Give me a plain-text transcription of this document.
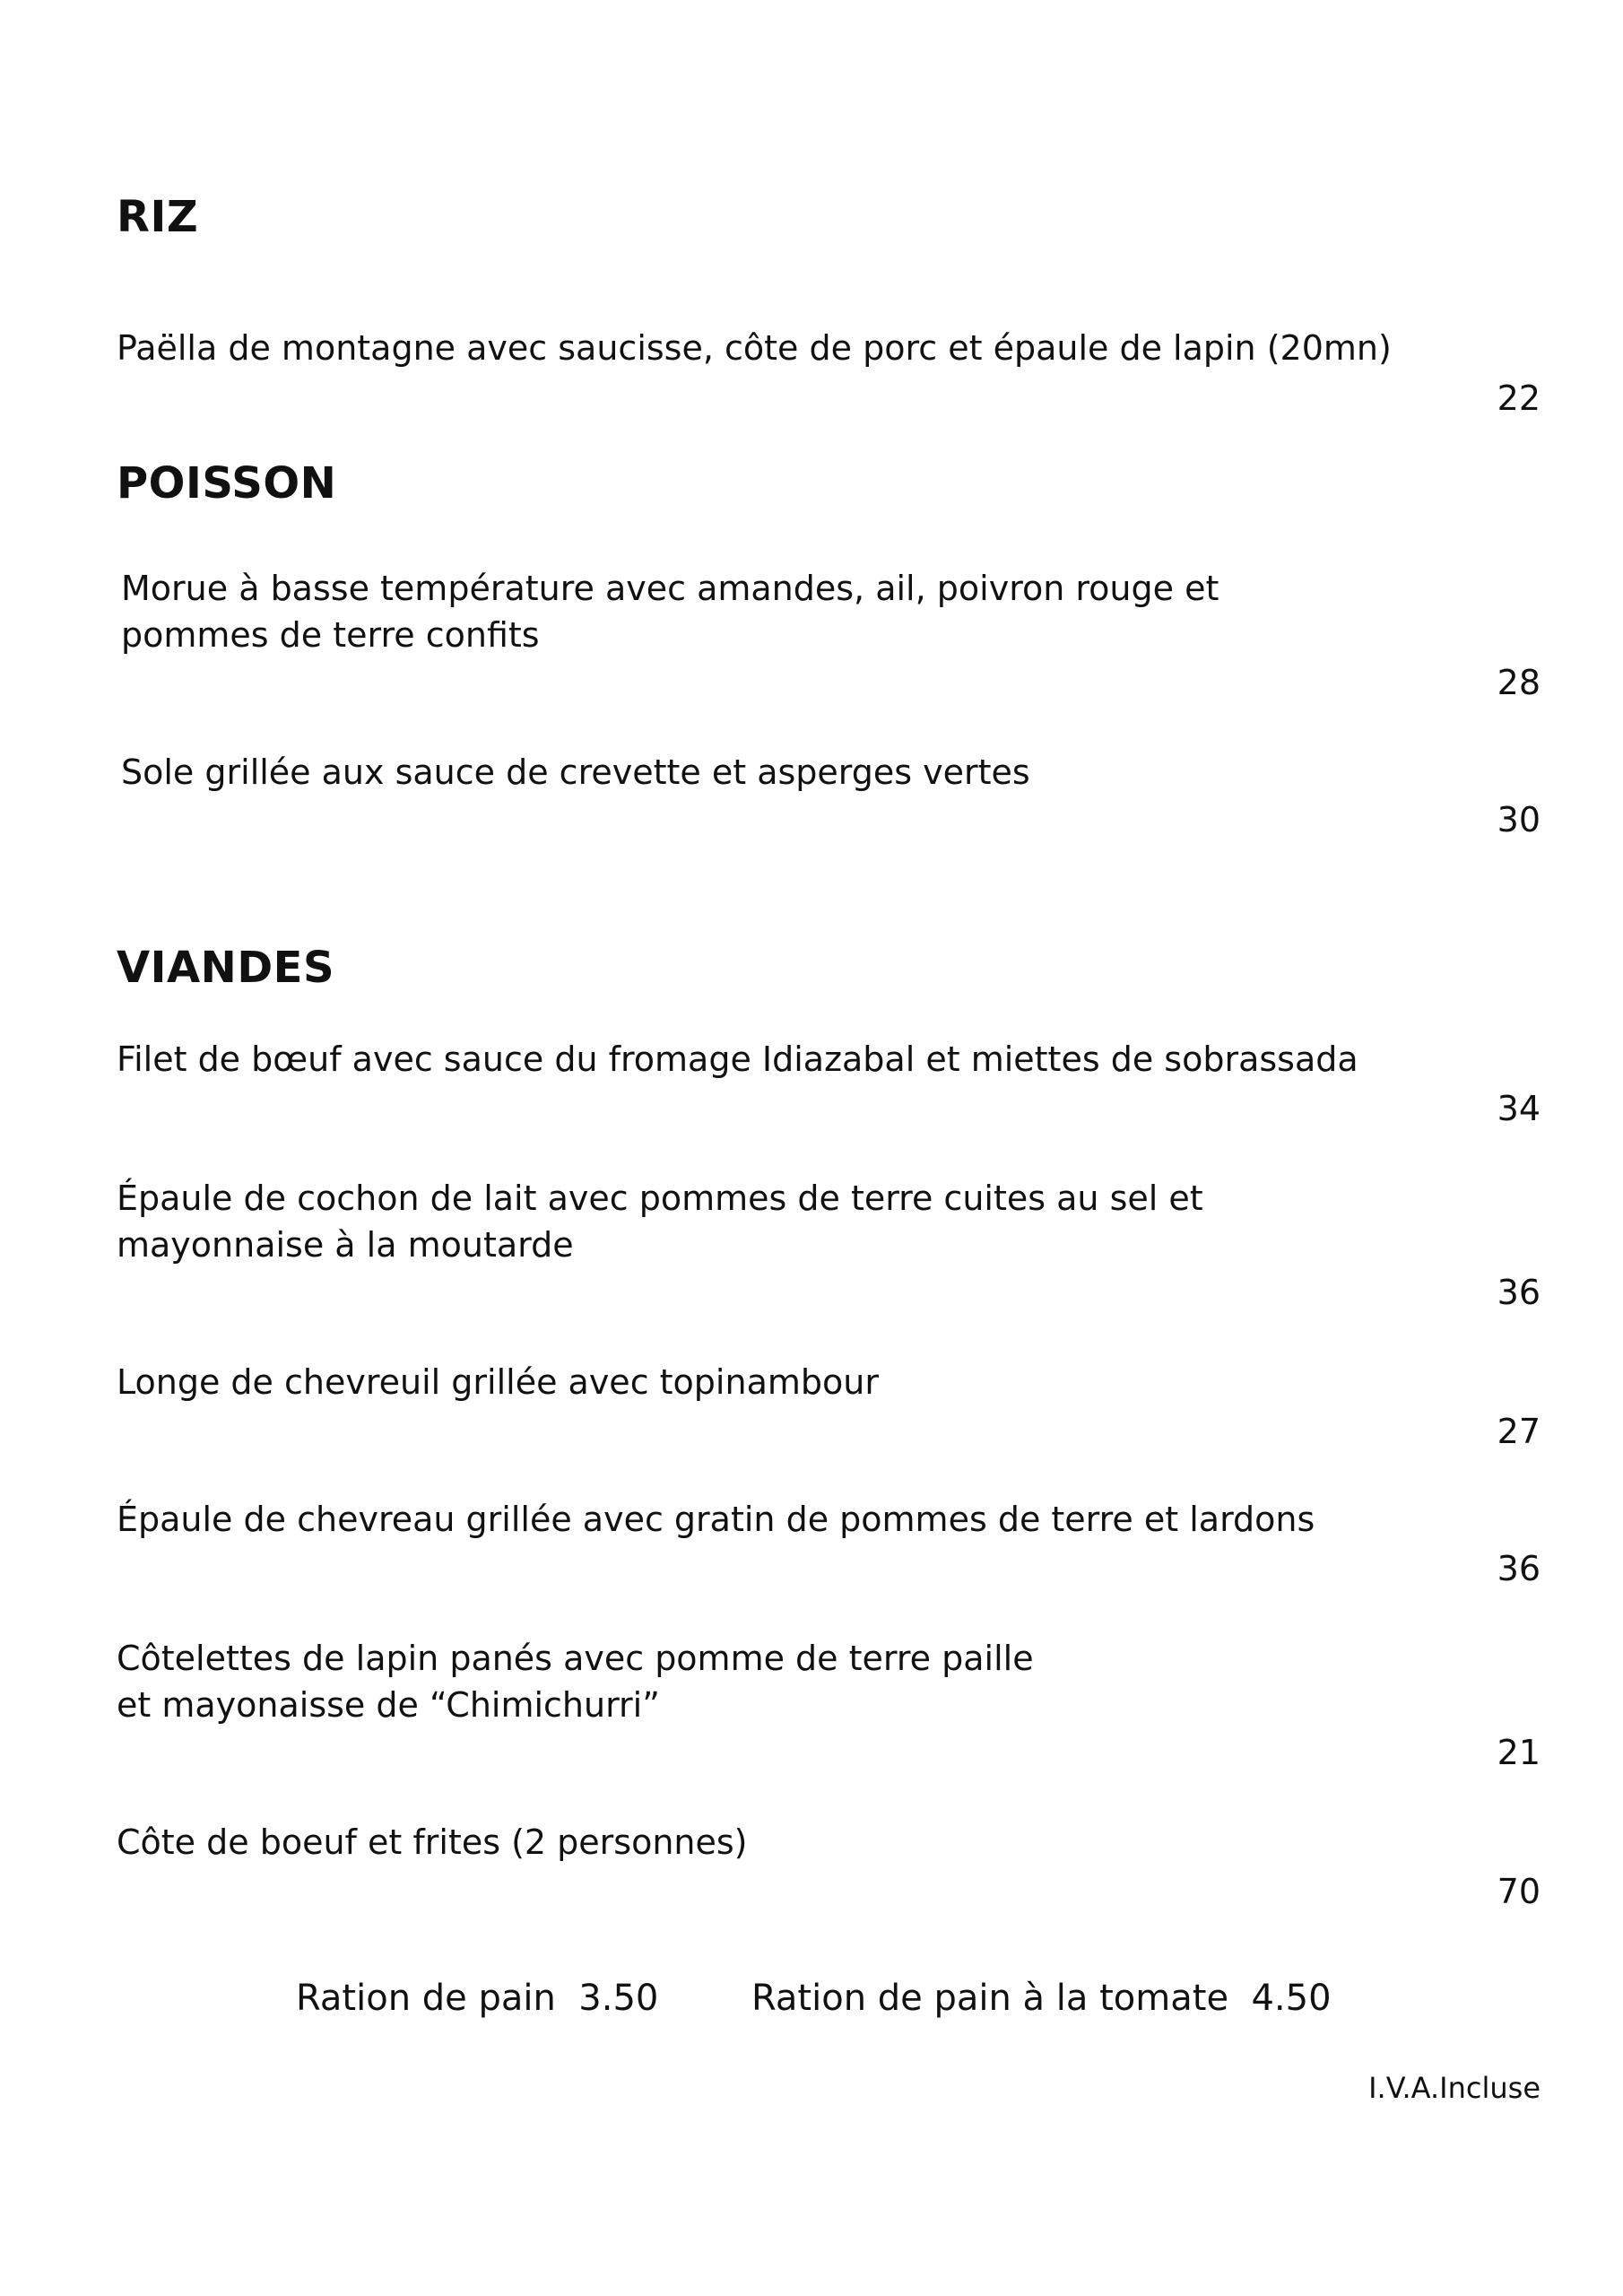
RIZ
Paëlla de montagne avec saucisse, côte de porc et épaule de lapin (20mn)
22
POISSON
Morue à basse température avec amandes, ail, poivron rouge et
pommes de terre confits
28
Sole grillée aux sauce de crevette et asperges vertes
30
VIANDES
Filet de bœuf avec sauce du fromage Idiazabal et miettes de sobrassada
34
Épaule de cochon de lait avec pommes de terre cuites au sel et
mayonnaise à la moutarde
36
Longe de chevreuil grillée avec topinambour
27
Épaule de chevreau grillée avec gratin de pommes de terre et lardons
36
Côtelettes de lapin panés avec pomme de terre paille
et mayonaisse de “Chimichurri”
21
Côte de boeuf et frites (2 personnes)
70
Ration de pain  3.50	Ration de pain à la tomate  4.50
I.V.A.Incluse
